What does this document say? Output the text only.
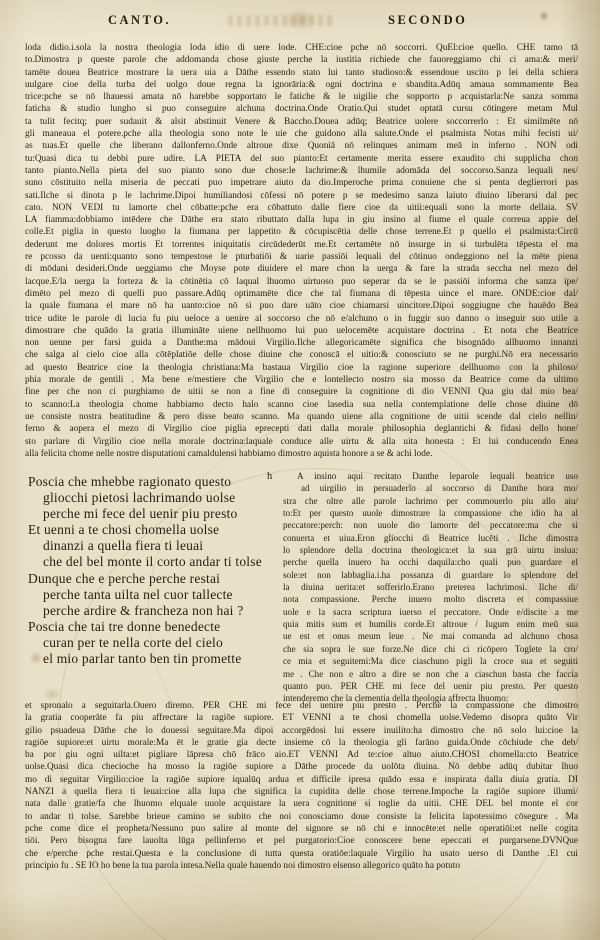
CANTO.	SECONDO
loda didio.i.sola la nostra theologia loda idio di uere lode. CHE:cioe pche nō soccorri. QuEl:cioe quello. CHE tamo tā
to.Dimostra p queste parole che addomanda chose giuste perche la iustitia richiede che fauoreggiamo chi ci ama:& meri/
tamēte douea Beatrice mostrare la uera uia a Dāthe essendo stato lui tanto studioso:& essendoue uscito p lei della schiera
uulgare cioe della turba del uolgo doue regna la ignorāria:& ogni doctrina e sbandita.Adūq amaua sommamente Bea
trice:pche se nō lhauessi amata nō harebbe sopportato le fatiche & le uigilie che sopporto p acquistarla:Ne sanza somma
faticha & studio lungho si puo conseguire alchuna doctrina.Onde Oratio.Qui studet optatā cursu cōtingere metam Mul
ta tulit fecitq; puer sudauit & alsit abstinuit Venere & Baccho.Douea adūq; Beatrice uolere soccorrerlo : Et similmēte nō
gli maneaua el potere.pche alla theologia sono note le uie che guidono alla salute.Onde el psalmista Notas mihi fecisti ui/
as tuas.Et quelle che liberano dallonferno.Onde altroue dixe Quoniā nō relinques animam meā in inferno . NON odi
tu:Quasi dica tu debbi pure udire. LA PIETA del suo pianto:Et certamente merita essere exaudito chi supplicha chon
tanto pianto.Nella pieta del suo pianto sono due chose:le lachrime:& lhumile adomāda del soccorso.Sanza lequali nes/
suno cōstituito nella miseria de peccati puo impetrare aiuto da dio.Imperoche prima conuiene che si penta deglierrori pas
sati.Ilche si dinota p le lachrime.Dipoi humiliandosi cōfessi nō potere p se medesimo sanza laiuto diuino liberarsi dal pec
cato. NON VEDI tu lamorte chel cōbatte:pche era cōbattuto dalle fiere cioe da uitii:equali sono la morte dellaia. SV
LA fiamma:dobbiamo intēdere che Dāthe era stato ributtato dalla lupa in giu insino al fiume el quale correua appie del
colle.Et piglia in questo luogho la fiumana per lappetito & cōcupiscētia delle chose terrene.Et p quello el psalmista:Circū
dederunt me dolores mortis Et torrentes iniquitatis circūdederūt me.Et certamēte nō insurge in si turbulēta tēpesta el ma
re pcosso da uenti:quanto sono tempestose le pturbatiōi & uarie passiōi lequali del cōtinuo ondeggiono nel la mēte piena
di mōdani desideri.Onde ueggiamo che Moyse pote diuidere el mare chon la uerga & fare la strada seccha nel mezo del
lacque.E/la uerga la forteza & la cōtinētia cō laqual lhuomo uirtuoso puo seperar da se le passiōi informa che sanza ipe/
dimēto pel mezo di quelli puo passare.Adūq optimamēte dice che tal fiumana di tēpesta uince el mare. ONDE:cioe dal/
la quale fiumana el mare nō ha uanto:cioe nō si puo dare uāto cioe chiamarsi uincitore.Dipoi soggiugne che hauēdo Bea
trice udite le parole di lucia fu piu ueloce a uenire al soccorso che nō e/alchuno o in fuggir suo danno o inseguir suo utile a
dimostrare che quādo la gratia illumināte uiene nellhuomo lui puo uelocemēte acquistare doctrina . Et nota che Beatrice
non uenne per farsi guida a Danthe:ma mādoui Virgilio.Ilche allegoricamēte significa che bisognādo allhuomo innanzi
che salga al cielo cioe alla cōtēplatiōe delle chose diuine che conoscā el uitio:& conosciuto se ne purghi.Nō era necessario
ad questo Beatrice cioe la theologia christiana:Ma bastaua Virgilio cioe la ragione superiore dellhuomo con la philoso/
phia morale de gentili . Ma bene e/mestiere che Virgilio che e lontellecto nostro sia mosso da Beatrice come da ultimo
fine per che non ci purghiamo de uitii se non a fine di conseguire la cognitione di dio VENNI Qua giu dal mio bea/
to scanno:La theologia chome habbiamo decto halo scanno cioe lasedia sua nella contemplatione delle chose diuine dō
ue consiste nostra beatitudine & pero disse beato scanno. Ma quando uiene alla cognitione de uitii scende dal cielo nellin/
ferno & aopera el mezo di Virgilio cioe piglia eprecepti dati dalla morale philosophia deglantichi & fidasi dello hone/
sto parlare di Virgilio cioe nella morale doctrina:laquale conduce alle uirtu & alla uita honesta : Et lui conducendo Enea
alla felicita chome nelle nostre disputationi camaldulensi habbiamo dimostro aquista honore a se & achi lode.
Poscia che mhebbe ragionato questo
gliocchi pietosi lachrimando uolse
perche mi fece del uenir piu presto
Et uenni a te chosi chomella uolse
dinanzi a quella fiera ti leuai
che del bel monte il corto andar ti tolse
Dunque che e perche perche restai
perche tanta uilta nel cuor tallecte
perche ardire & francheza non hai ?
Poscia che tai tre donne benedecte
curan per te nella corte del cielo
el mio parlar tanto ben tin promette
h	A insino aqui recitato Danthe leparole lequali beatrice uso
ad uirgilio in persuaderlo al soccorso di Danthe hora mo/
stra che oltre alle parole lachrimo per commouerlo piu allo aiu/
to:Et per questo uuole dimostrare la compassione che idio ha al
peccatore:perch: non uuole dio lamorte del peccatore:ma che si
conuerta et uiua.Eron gliocchi di Beatrice lucēti . Ilche dimostra
lo splendore della doctrina theologica:et la sua grā uirtu insiua:
perche quella inuero ha occhi daquila:cho quali puo guardare el
sole:et non labbaglia.i.ha possanza di guardare lo splendore del
la diuina uerita:et sofferirlo.Erano preterea lachrimosi. Ilche di/
nota compassione. Perche inuero molto discreta et compassiue
uole e la sacra scriptura iuerso el peccatore. Onde e/discite a me
quia mitis sum et humilis corde.Et altroue / Iugum enim meū sua
ue est et onus meum leue . Ne mai comanda ad alchuno chosa
che sia sopra le sue forze.Ne dice chi ci ricōpero Toglete la cro/
ce mia et seguitemi:Ma dice ciaschuno pigli la croce sua et seguiti
me . Che non e altro a dire se non che a ciaschun basta che faccia
quanto puo. PER CHE mi fece del uenir piu presto. Per questo
intenderemo che la clementia della theologia affrecta lhuomo:
et spronalo a seguitarla.Ouero diremo. PER CHE mi fece del uenire piu presto . Perche la compassione che dimostro
la gratia cooperāte fa piu affrectare la ragiōe supiore. ET VENNI a te chosi chomella uolse.Vedemo disopra quāto Vir
gilio psuadeua Dāthe che lo douessi seguitare.Ma dipoi accorgēdosi lui essere inuilito:ha dimostro che nō solo lui:cioe la
ragiōe supiore:et uirtu morale:Ma ēt le gratie gia decte insieme cō la theologia gli farāno guida.Onde cōchiude che deb/
ba por giu ogni uilta:et pigliare lāpresa chō frāco aio.ET VENNI Ad te:cioe altuo aiuto.CHOSI chomella:cto Beatrice
uolse.Quasi dica checioche ha mosso la ragiōe supiore a Dāthe procede da uolōta diuina. Nō debbe adūq dubitar lhuo
mo di seguitar Virgilio:cioe la ragiōe supiore iqualūq ardua et difficile ipresa quādo essa e inspirata dalla diuia gratia. DI
NANZI a quella fiera ti leuai:cioe alla lupa che significa la cupidita delle chose terrene.Impoche la ragiōe supiore illumi/
nata dalle gratie/fa che lhuomo elquale uuole acquistare la uera cognitione si toglie da uitii. CHE DEL bel monte el cor
to andar ti tolse. Sarebbe brieue camino se subito che noi conosciamo doue consiste la felicita lapotessimo cōsegure . Ma
pche come dice el propheta/Nessuno puo salire al monte del signore se nō chi e innocēte:et nelle operatiōi:et nelle cogita
tiōi. Pero bisogna fare lauolta lūga pellinferno et pel purgatorio:Cioe conoscere bene epeccati et purgarsene.DVNQue
che e/perche pche restai.Questa e la conclusione di tutta questa oratiōe:laquale Virgilio ha usato uerso di Danthe .El cui
principio fu . SE IO ho bene la tua parola intesa.Nella quale hauendo noi dimostro elsenso allegorico quāto ha potuto
